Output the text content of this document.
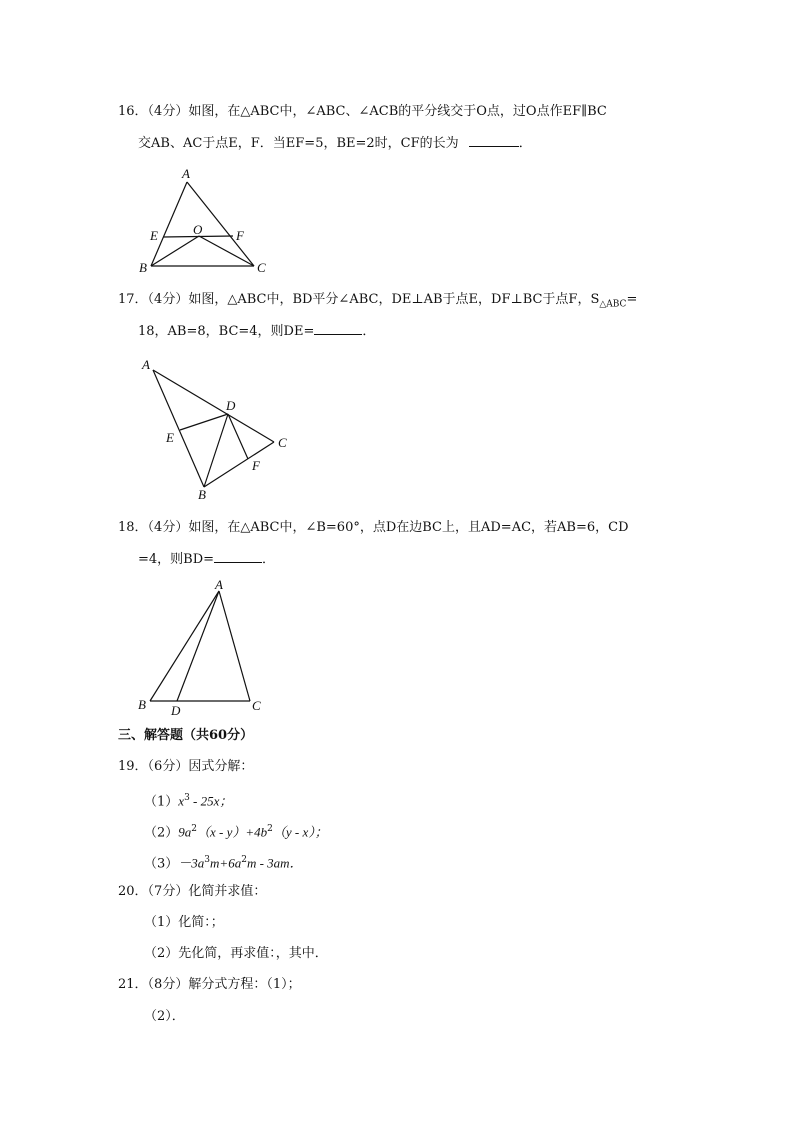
16．（4分）如图，在△ABC中，∠ABC、∠ACB的平分线交于O点，过O点作EF∥BC
交AB、AC于点E，F．当EF=5，BE=2时，CF的长为	．
A
E	O	F
B	C
17．（4分）如图，△ABC中，BD平分∠ABC，DE⊥AB于点E，DF⊥BC于点F，$S_{\triangle ABC}=$
18，AB=8，BC=4，则DE=	．
A
D
E	C
F
B
18．（4分）如图，在△ABC中，∠B=60°，点D在边BC上，且AD=AC，若AB=6，CD
=4，则BD=	．
A
B D	C
三、解答题（共60分）
19．（6分）因式分解：
$(1)x^3 - 25x$；
$(2)9a^2(x - y)+4b^2(y - x)$；
$(3)-3a^3m+6a^2m - 3am$．
20．（7分）化简并求值：
（1）化简：；
（2）先化简，再求值：，其中．
21．（8分）解分式方程：（1）；
（2）．
